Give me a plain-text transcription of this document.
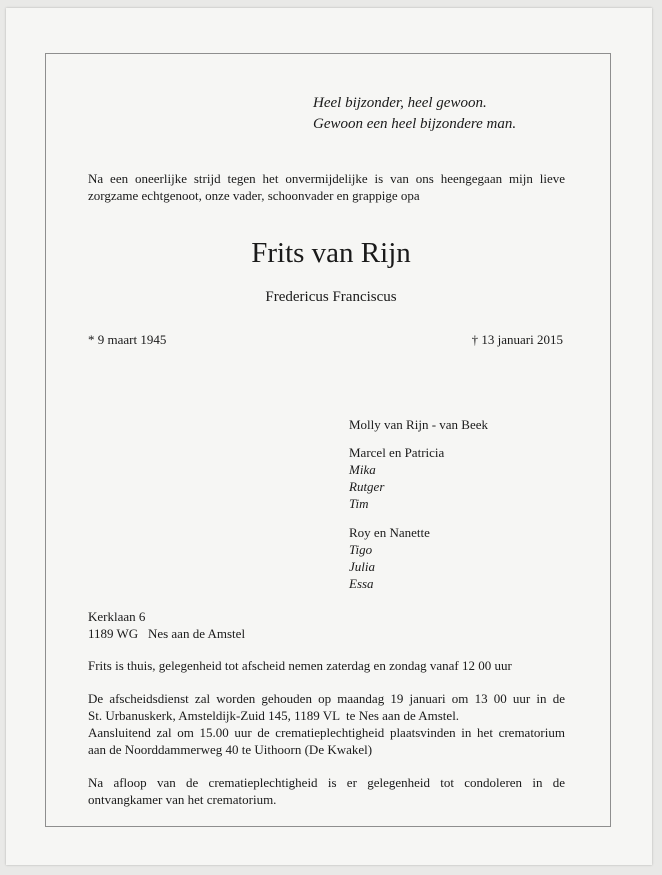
Heel bijzonder, heel gewoon.
Gewoon een heel bijzondere man.
Na een oneerlijke strijd tegen het onvermijdelijke is van ons heengegaan mijn lieve
zorgzame echtgenoot, onze vader, schoonvader en grappige opa
Frits van Rijn
Fredericus Franciscus
* 9 maart 1945	† 13 januari 2015
Molly van Rijn - van Beek
Marcel en Patricia
Mika
Rutger
Tim
Roy en Nanette
Tigo
Julia
Essa
Kerklaan 6
1189 WG   Nes aan de Amstel
Frits is thuis, gelegenheid tot afscheid nemen zaterdag en zondag vanaf 12 00 uur
De afscheidsdienst zal worden gehouden op maandag 19 januari om 13 00 uur in de
St. Urbanuskerk, Amsteldijk-Zuid 145, 1189 VL  te Nes aan de Amstel.
Aansluitend zal om 15.00 uur de crematieplechtigheid plaatsvinden in het crematorium
aan de Noorddammerweg 40 te Uithoorn (De Kwakel)
Na afloop van de crematieplechtigheid is er gelegenheid tot condoleren in de
ontvangkamer van het crematorium.
